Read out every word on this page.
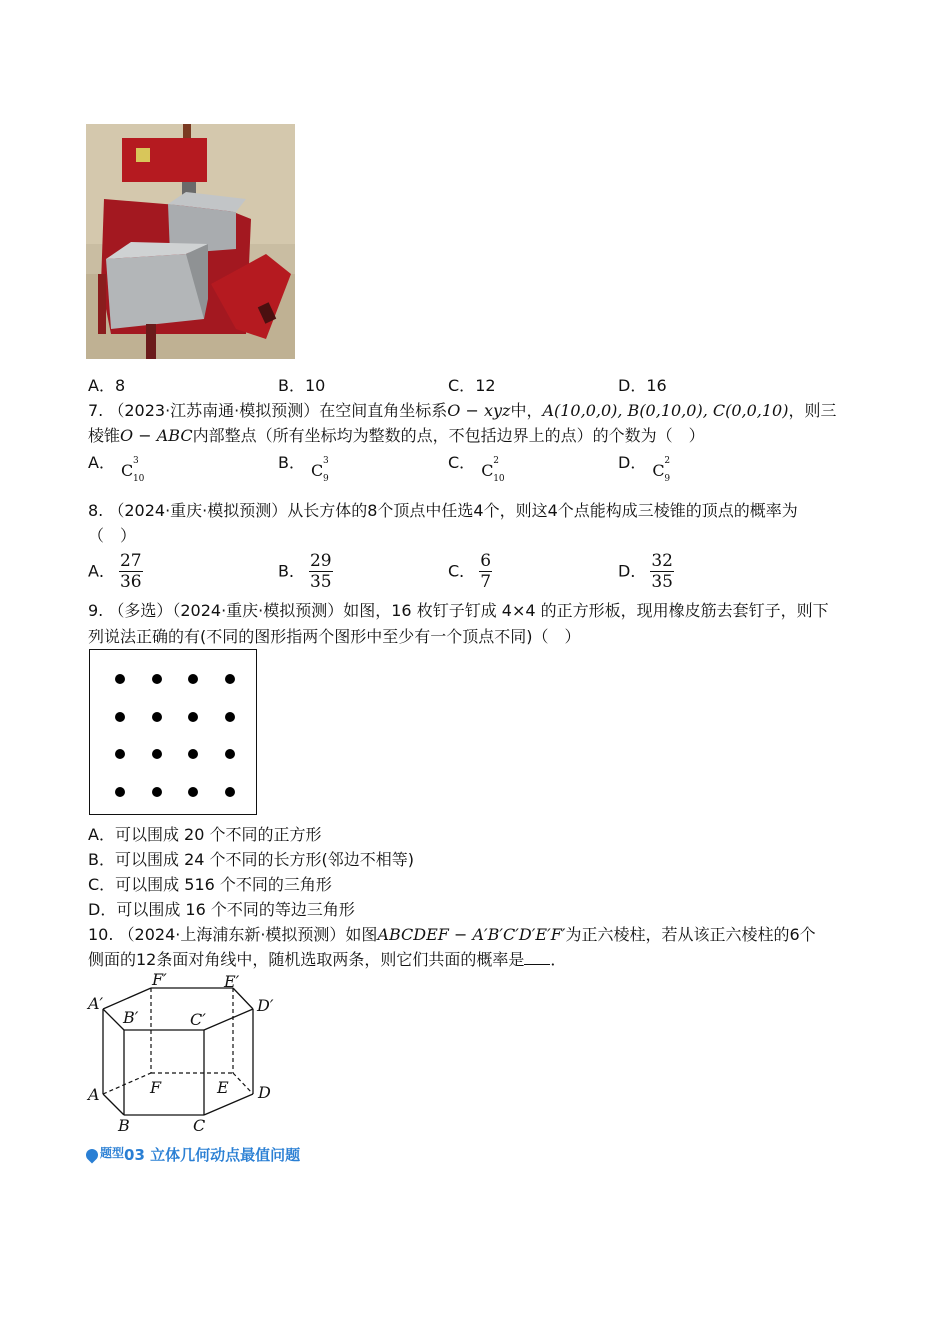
A．8	B．10	C．12	D．16
7. （2023·江苏南通·模拟预测）在空间直角坐标系O − xyz中，A(10,0,0), B(0,10,0), C(0,0,10)，则三
棱锥O − ABC内部整点（所有坐标均为整数的点，不包括边界上的点）的个数为（　）
A． C 3
10
B． C 3
9
C． C 2
10
D． C 2
9
8. （2024·重庆·模拟预测）从长方体的8个顶点中任选4个，则这4个点能构成三棱锥的顶点的概率为
（　）
A． $\frac{27}{36}$	B． $\frac{29}{35}$	C． $\frac{6}{7}$	D． $\frac{32}{35}$
9. （多选）（2024·重庆·模拟预测）如图，16 枚钉子钉成 4×4 的正方形板，现用橡皮筋去套钉子，则下
列说法正确的有(不同的图形指两个图形中至少有一个顶点不同)（　）
A．可以围成 20 个不同的正方形
B．可以围成 24 个不同的长方形(邻边不相等)
C．可以围成 516 个不同的三角形
D．可以围成 16 个不同的等边三角形
10. （2024·上海浦东新·模拟预测）如图ABCDEF − A′B′C′D′E′F′为正六棱柱，若从该正六棱柱的6个
侧面的12条面对角线中，随机选取两条，则它们共面的概率是 ．
A′
F′	E′
D′
B′	C′
A	F	E D
B	C
$^{题型}$03 立体几何动点最值问题
